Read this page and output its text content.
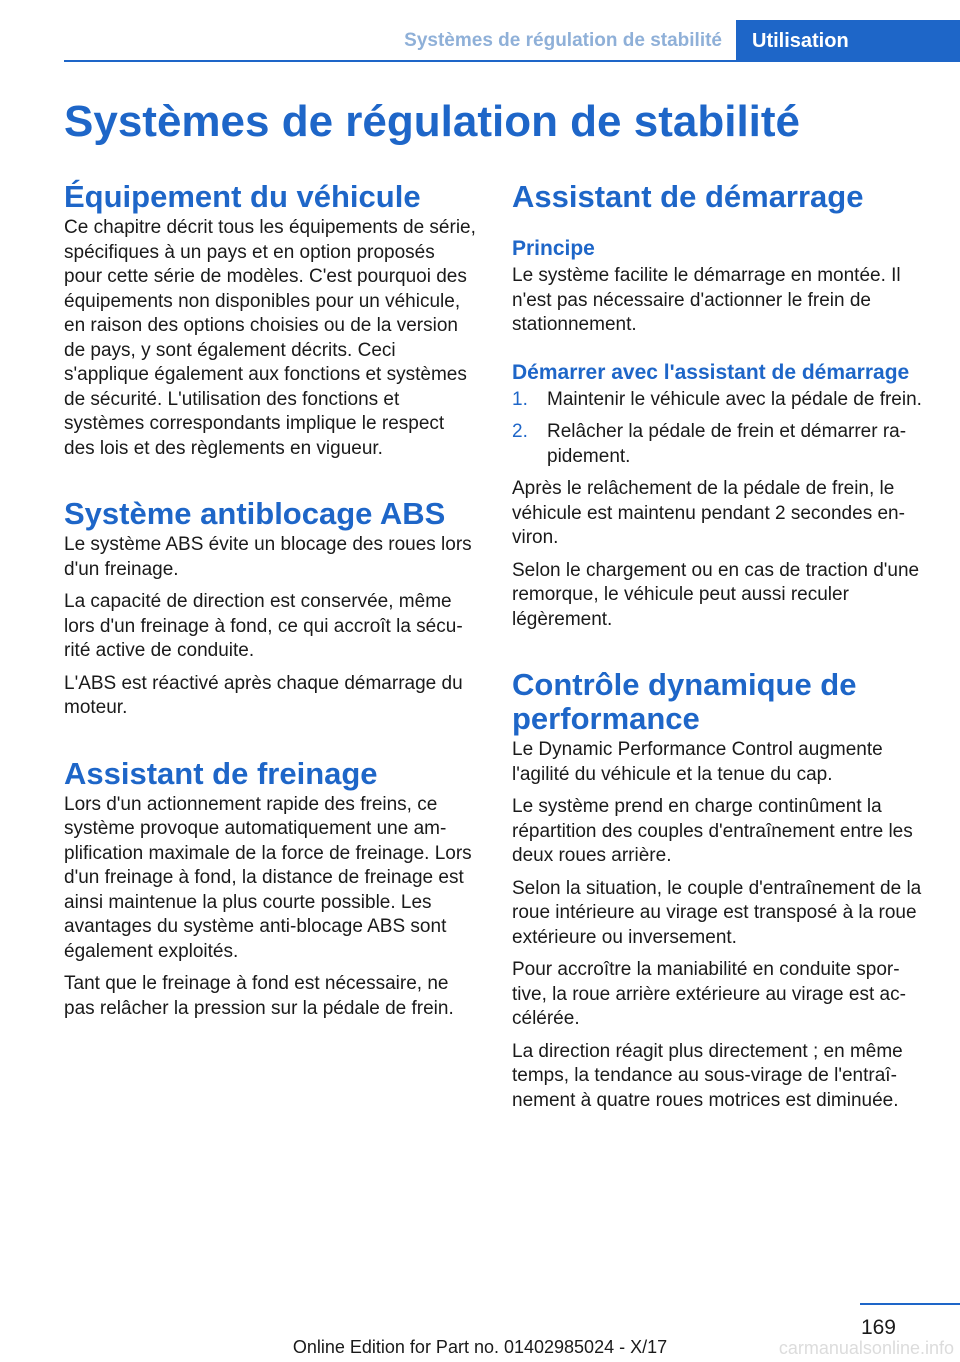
Systèmes de régulation de stabilité	Utilisation
Systèmes de régulation de stabilité
Équipement du véhicule

Ce chapitre décrit tous les équipements de série, spécifiques à un pays et en option proposés pour cette série de modèles. C'est pourquoi des équipements non disponibles pour un véhicule, en raison des options choisies ou de la version de pays, y sont également décrits. Ceci s'applique également aux fonctions et systèmes de sécurité. L'utilisation des fonctions et systèmes correspondants implique le respect des lois et des règlements en vigueur.

Système antiblocage ABS

Le système ABS évite un blocage des roues lors d'un freinage.

La capacité de direction est conservée, même lors d'un freinage à fond, ce qui accroît la sécurité active de conduite.

L'ABS est réactivé après chaque démarrage du moteur.

Assistant de freinage

Lors d'un actionnement rapide des freins, ce système provoque automatiquement une amplification maximale de la force de freinage. Lors d'un freinage à fond, la distance de freinage est ainsi maintenue la plus courte possible. Les avantages du système anti-blocage ABS sont également exploités.

Tant que le freinage à fond est nécessaire, ne pas relâcher la pression sur la pédale de frein.

Assistant de démarrage
Principe

Le système facilite le démarrage en montée. Il n'est pas nécessaire d'actionner le frein de stationnement.

Démarrer avec l'assistant de démarrage
1. Maintenir le véhicule avec la pédale de frein.
2. Relâcher la pédale de frein et démarrer rapidement.

Après le relâchement de la pédale de frein, le véhicule est maintenu pendant 2 secondes environ.

Selon le chargement ou en cas de traction d'une remorque, le véhicule peut aussi reculer légèrement.

Contrôle dynamique de performance

Le Dynamic Performance Control augmente l'agilité du véhicule et la tenue du cap.

Le système prend en charge continûment la répartition des couples d'entraînement entre les deux roues arrière.

Selon la situation, le couple d'entraînement de la roue intérieure au virage est transposé à la roue extérieure ou inversement.

Pour accroître la maniabilité en conduite sportive, la roue arrière extérieure au virage est accélérée.

La direction réagit plus directement ; en même temps, la tendance au sous-virage de l'entraînement à quatre roues motrices est diminuée.

169
Online Edition for Part no. 01402985024 - X/17	carmanualsonline.info
